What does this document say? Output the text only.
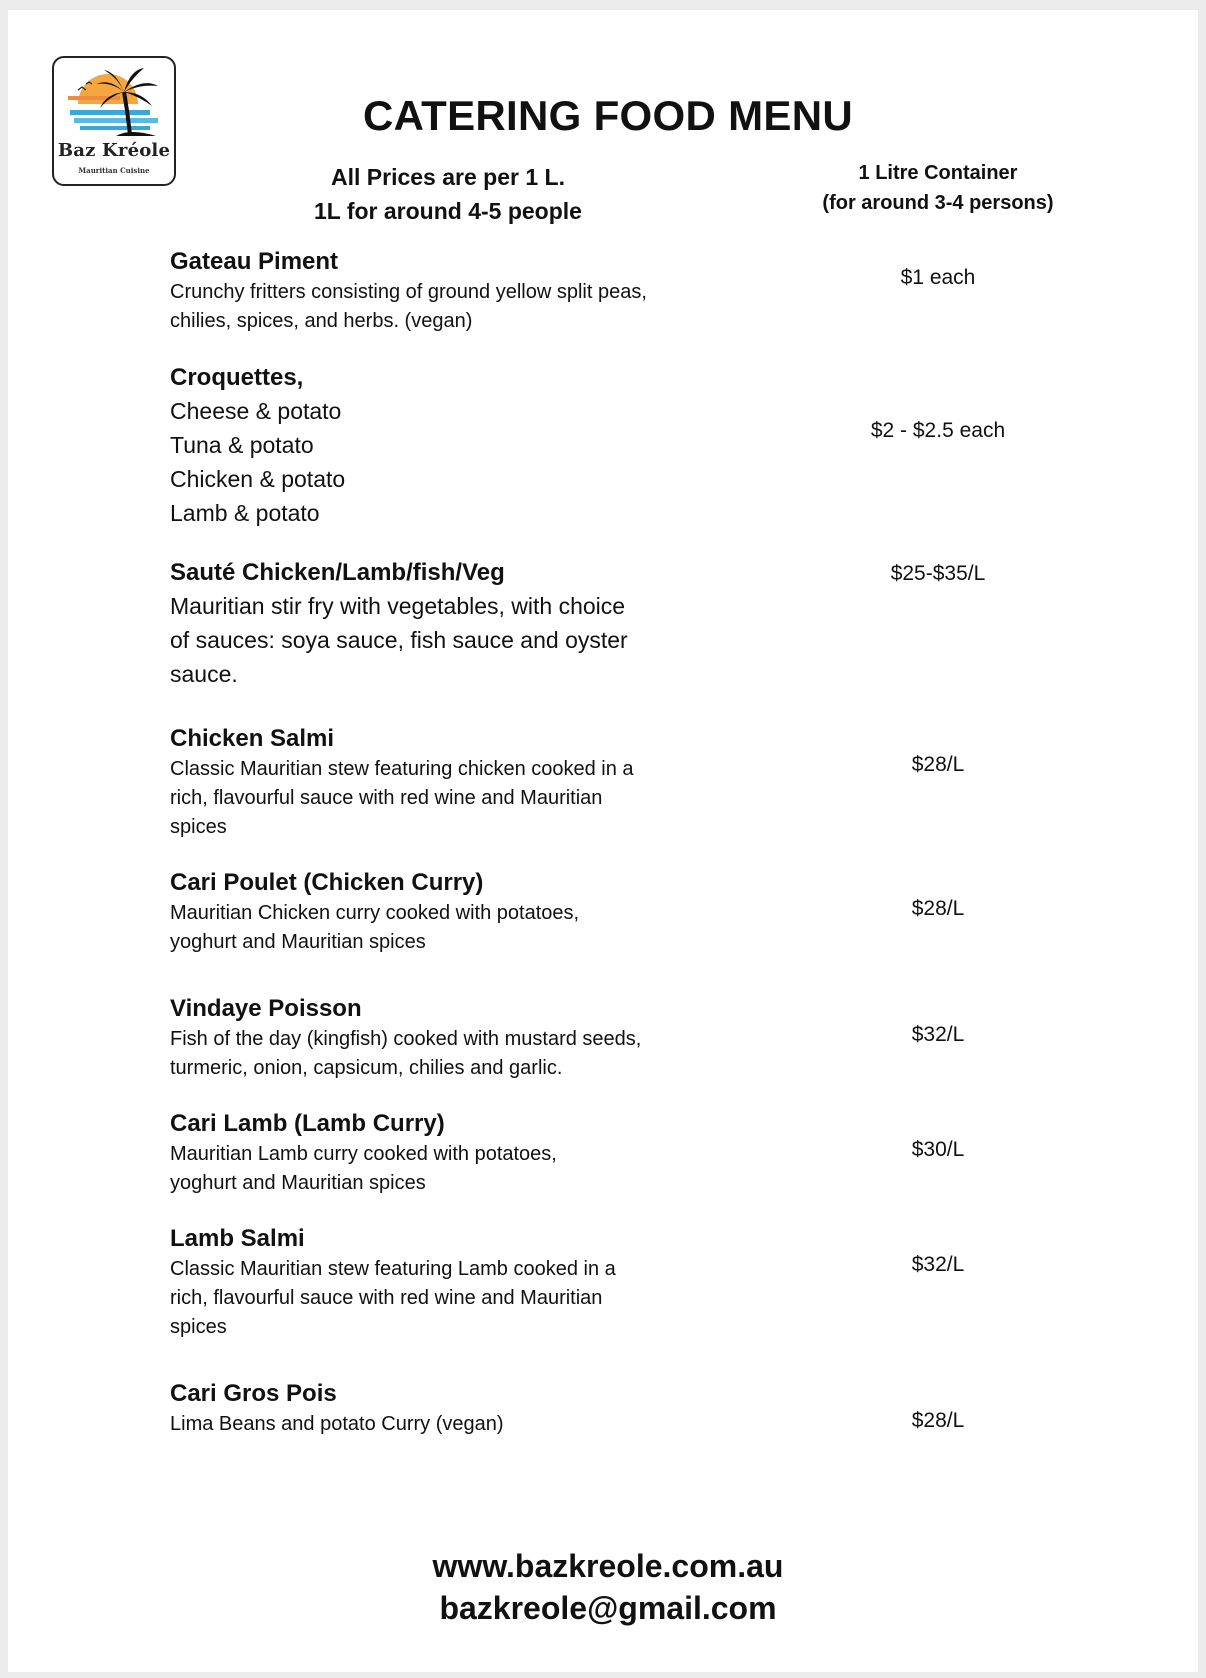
Baz Kréole
Mauritian Cuisine
CATERING FOOD MENU
All Prices are per 1 L.
1L for around 4-5 people
1 Litre Container
(for around 3-4 persons)
Gateau Piment
Crunchy fritters consisting of ground yellow split peas,
chilies, spices, and herbs. (vegan)
$1 each
Croquettes,
Cheese & potato
Tuna & potato
Chicken & potato
Lamb & potato
$2 - $2.5 each
Sauté Chicken/Lamb/fish/Veg
Mauritian stir fry with vegetables, with choice
of sauces: soya sauce, fish sauce and oyster
sauce.
$25-$35/L
Chicken Salmi
Classic Mauritian stew featuring chicken cooked in a
rich, flavourful sauce with red wine and Mauritian
spices
$28/L
Cari Poulet (Chicken Curry)
Mauritian Chicken curry cooked with potatoes,
yoghurt and Mauritian spices
$28/L
Vindaye Poisson
Fish of the day (kingfish) cooked with mustard seeds,
turmeric, onion, capsicum, chilies and garlic.
$32/L
Cari Lamb (Lamb Curry)
Mauritian Lamb curry cooked with potatoes,
yoghurt and Mauritian spices
$30/L
Lamb Salmi
Classic Mauritian stew featuring Lamb cooked in a
rich, flavourful sauce with red wine and Mauritian
spices
$32/L
Cari Gros Pois
Lima Beans and potato Curry (vegan)	$28/L
www.bazkreole.com.au
bazkreole@gmail.com
